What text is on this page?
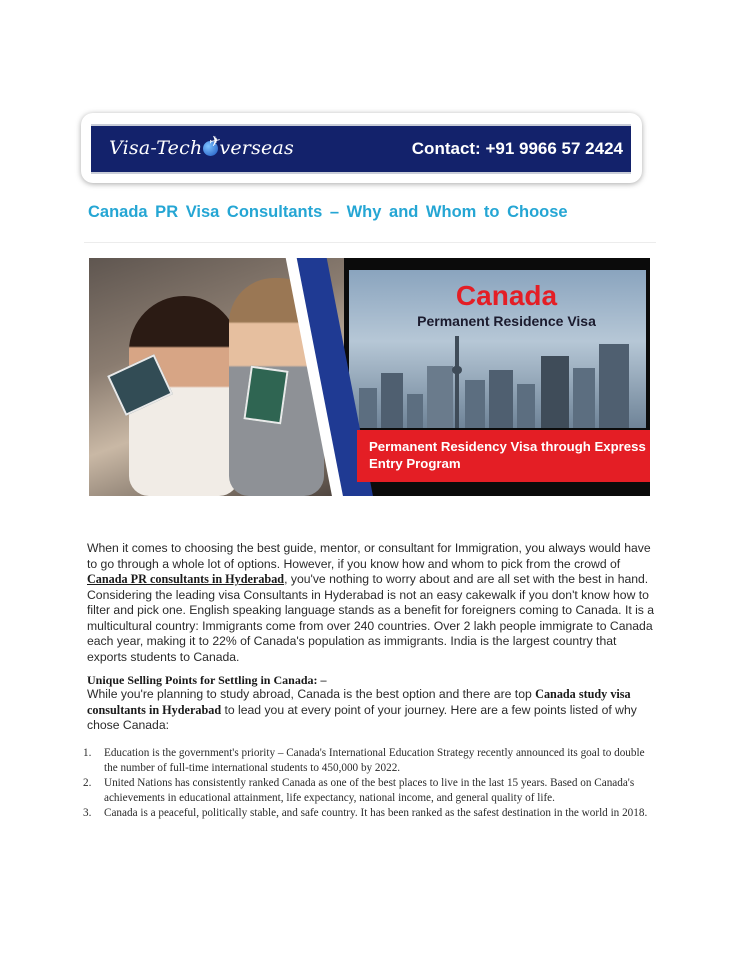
Visa-Tech verseas
✈	Contact: +91 9966 57 2424
Canada PR Visa Consultants – Why and Whom to Choose
Canada
Permanent Residence Visa
Permanent Residency Visa through Express Entry Program

When it comes to choosing the best guide, mentor, or consultant for Immigration, you always would have to go through a whole lot of options. However, if you know how and whom to pick from the crowd of Canada PR consultants in Hyderabad, you've nothing to worry about and are all set with the best in hand. Considering the leading visa Consultants in Hyderabad is not an easy cakewalk if you don't know how to filter and pick one. English speaking language stands as a benefit for foreigners coming to Canada. It is a multicultural country: Immigrants come from over 240 countries. Over 2 lakh people immigrate to Canada each year, making it to 22% of Canada's population as immigrants. India is the largest country that exports students to Canada.

Unique Selling Points for Settling in Canada: –

While you're planning to study abroad, Canada is the best option and there are top Canada study visa consultants in Hyderabad to lead you at every point of your journey. Here are a few points listed of why chose Canada:

1. Education is the government's priority – Canada's International Education Strategy recently announced its goal to double the number of full-time international students to 450,000 by 2022.
2. United Nations has consistently ranked Canada as one of the best places to live in the last 15 years. Based on Canada's achievements in educational attainment, life expectancy, national income, and general quality of life.
3. Canada is a peaceful, politically stable, and safe country. It has been ranked as the safest destination in the world in 2018.
